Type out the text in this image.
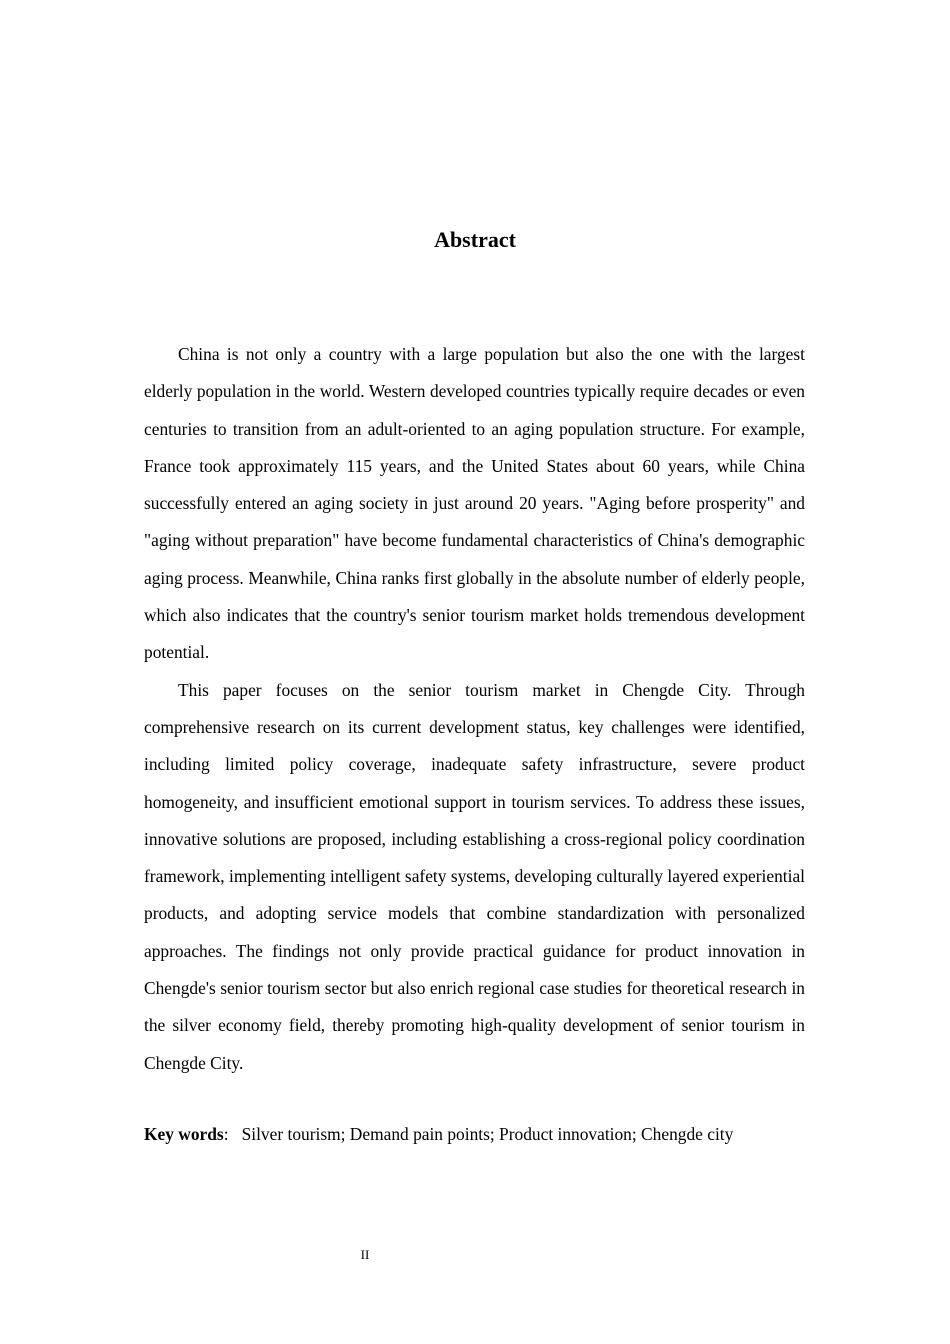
Abstract

China is not only a country with a large population but also the one with the largest elderly population in the world. Western developed countries typically require decades or even centuries to transition from an adult-oriented to an aging population structure. For example, France took approximately 115 years, and the United States about 60 years, while China successfully entered an aging society in just around 20 years. "Aging before prosperity" and "aging without preparation" have become fundamental characteristics of China's demographic aging process. Meanwhile, China ranks first globally in the absolute number of elderly people, which also indicates that the country's senior tourism market holds tremendous development potential.

This paper focuses on the senior tourism market in Chengde City. Through comprehensive research on its current development status, key challenges were identified, including limited policy coverage, inadequate safety infrastructure, severe product homogeneity, and insufficient emotional support in tourism services. To address these issues, innovative solutions are proposed, including establishing a cross-regional policy coordination framework, implementing intelligent safety systems, developing culturally layered experiential products, and adopting service models that combine standardization with personalized approaches. The findings not only provide practical guidance for product innovation in Chengde's senior tourism sector but also enrich regional case studies for theoretical research in the silver economy field, thereby promoting high-quality development of senior tourism in Chengde City.

Key words: Silver tourism; Demand pain points; Product innovation; Chengde city

II
